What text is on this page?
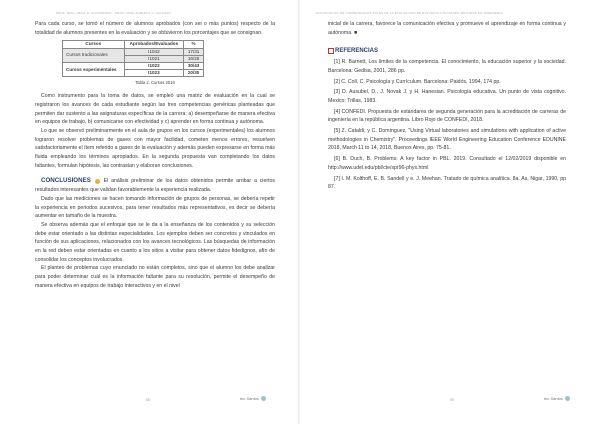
PROF. RAUL ABRIL R. ZUCKERMAN · PROF. JOSE ALBERTO C. SALCEDA

Para cada curso, se tomó el número de alumnos aprobados (con sei o más puntos) respecto de la totalidad de alumnos presentes en la evaluación y se obtuvieron los porcentajes que se consignan.

Cursos	Aprobados/Evaluados	%
Cursos tradicionales	I1042	17/31
	I1021	16/26
Cursos experimentales	I1022	30/43
	I1023	20/30
Tabla 2. Cursos 2016

Como instrumento para la toma de datos, se empleó una matriz de evaluación en la cual se registraron los avances de cada estudiante según las tres competencias genéricas planteadas que permiten dar sustento a las asignaturas específicas de la carrera: a) desempeñarse de manera efectiva en equipos de trabajo, b) comunicarse con efectividad y c) aprender en forma continua y autónoma.

Lo que se observó preliminarmente en el aula de grupos en los cursos (experimentales) los alumnos lograron resolver problemas de gases con mayor facilidad, cometen menos errores, resuelven satisfactoriamente el ítem referido a gases de la evaluación y además pueden expresarse en forma más fluida empleando los términos apropiados. En la segunda propuesta van completando los datos faltantes, formulan hipótesis, las contrastan y elaboran conclusiones.

CONCLUSIONES El análisis preliminar de los datos obtenidos permite arribar a ciertos resultados interesantes que validan favorablemente la experiencia realizada.

Dado que las mediciones se hacen tomando información de grupos de personas, se debería repetir la experiencia en periodos sucesivos, para tener resultados más representativos, es decir se debería aumentar en tamaño de la muestra.

Se observa además que el enfoque que se le da a la enseñanza de los contenidos y su selección debe estar orientado a las distintas especialidades. Los ejemplos deben ser concretos y vinculados en función de sus aplicaciones, relacionados con los avances tecnológicos. Las búsquedas de información en la red deben estar orientadas en cuanto a los sitios a visitar para obtener datos fidedignos, afín de consolidar los conceptos involucrados.

El planteo de problemas cuyo enunciado no están completos, sino que el alumno los debe analizar para poder determinar cuál es la información faltante para su resolución, permite el desempeño de manera efectiva en equipos de trabajo interactivos y en el nivel

58	tec Santos
DIAGNOSTICO DE COMPETENCIAS ANTES DE LA EVALUACION DE ESTUDIOS UTILIZANDO METODOS EN INGENIERIA

inicial de la carrera, favorece la comunicación efectiva y promueve el aprendizaje en forma continua y autónoma. ■

REFERENCIAS

[1] R. Barnett, Los límites de la competencia. El conocimiento, la educación superior y la sociedad. Barcelona: Gedisa, 2001, 286 pp.

[2] C. Coll, C. Psicología y Currículum. Barcelona: Paidós, 1994, 174 pp.

[3] D. Ausubel, D., J. Novak J. y H. Hanesian. Psicología educativa. Un punto de vista cognitivo. Mexico: Trillas, 1983.

[4] CONFEDI. Propuesta de estándares de segunda generación para la acreditación de carreras de ingeniería en la república argentina. Libro Rojo de CONFEDI, 2018.

[5] Z. Cataldi, y C. Domínguez, "Using Virtual laboratories and simulations with application of active methodologies in Chemistry". Proceedings IEEE World Engineering Education Conference EDUNINE 2018, March 11 to 14, 2018, Buenos Aires, pp. 75-81.

[6] B. Duch, B. Problems: A key factor in PBL. 2019. Consultado el 12/02/2019 disponible en http://www.udel.edu/pbl/cte/spr96-phys.html

[7] I. M. Kolthoff, E. B. Sandell y e. J. Meehan. Tratado de química analítica. 8a. As, Nigar, 1990, pp 87.

59	tec Santos
